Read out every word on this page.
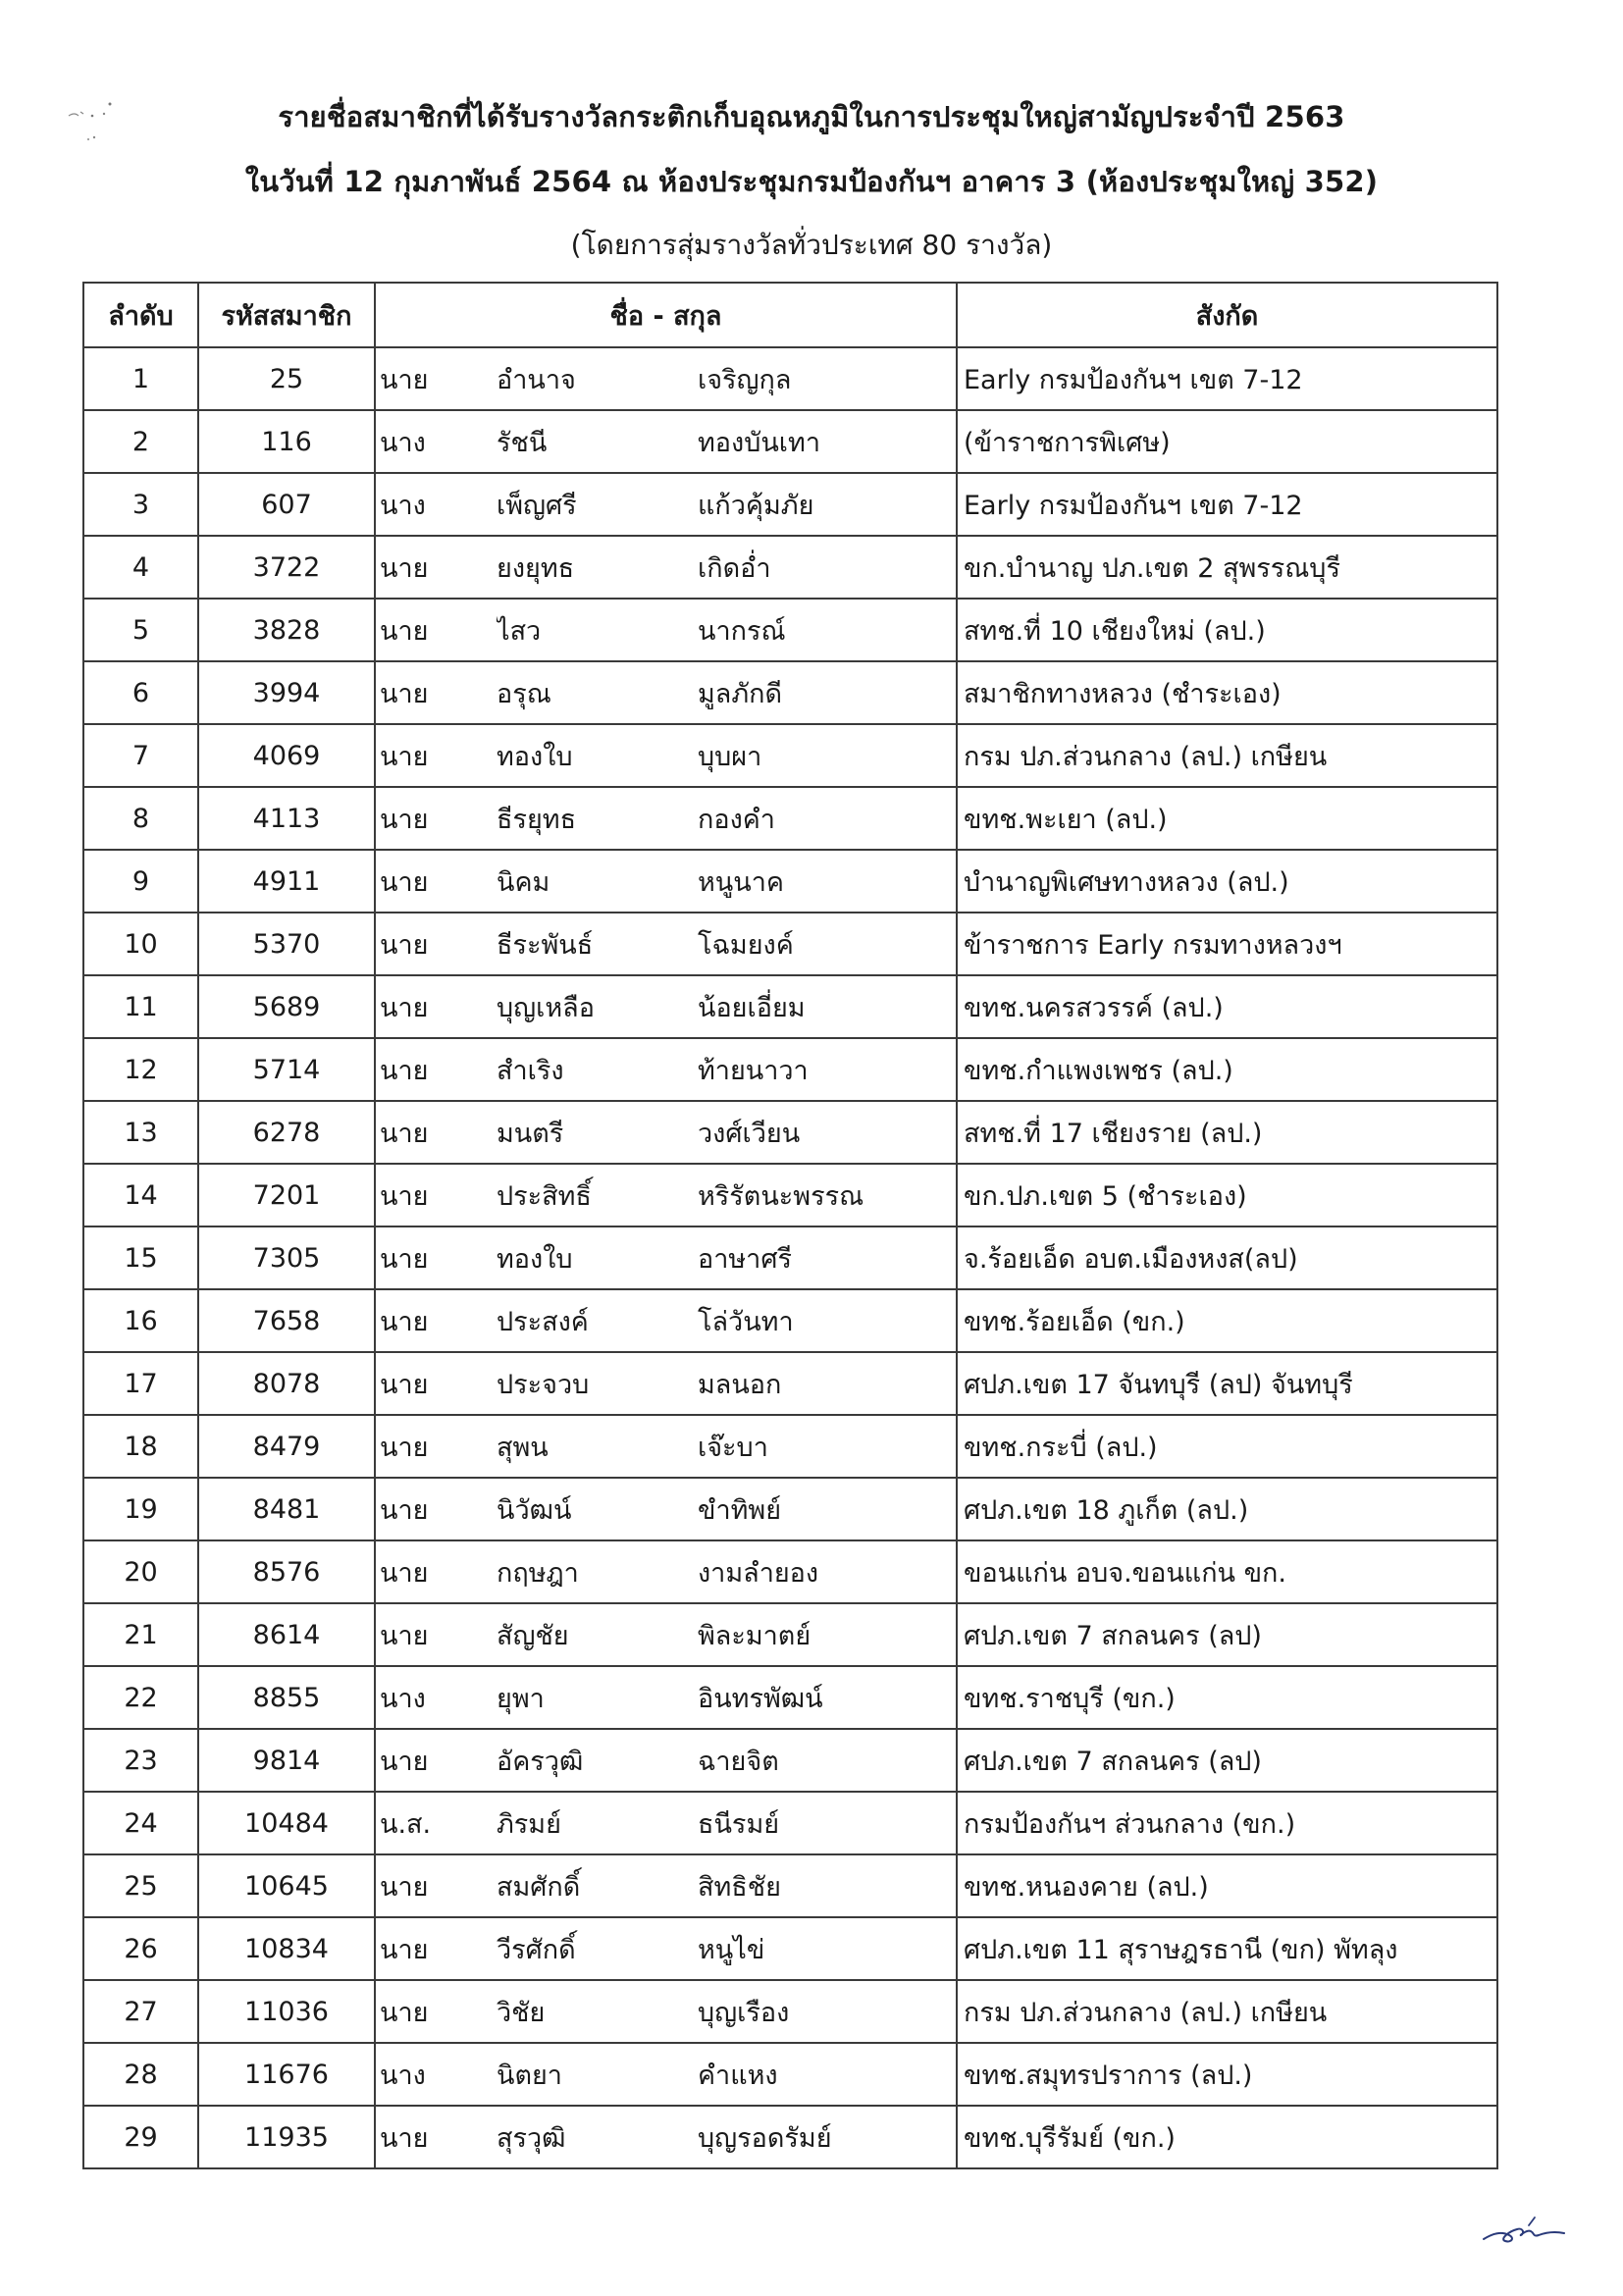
รายชื่อสมาชิกที่ได้รับรางวัลกระติกเก็บอุณหภูมิในการประชุมใหญ่สามัญประจำปี 2563
ในวันที่ 12 กุมภาพันธ์ 2564 ณ ห้องประชุมกรมป้องกันฯ อาคาร 3 (ห้องประชุมใหญ่ 352)
(โดยการสุ่มรางวัลทั่วประเทศ 80 รางวัล)
ลำดับ	รหัสสมาชิก	ชื่อ - สกุล			สังกัด
1	25	นาย	อำนาจ	เจริญกุล	Early กรมป้องกันฯ เขต 7-12
2	116	นาง	รัชนี	ทองบันเทา	(ข้าราชการพิเศษ)
3	607	นาง	เพ็ญศรี	แก้วคุ้มภัย	Early กรมป้องกันฯ เขต 7-12
4	3722	นาย	ยงยุทธ	เกิดอ่ำ	ขก.บำนาญ ปภ.เขต 2 สุพรรณบุรี
5	3828	นาย	ไสว	นากรณ์	สทช.ที่ 10 เชียงใหม่ (ลป.)
6	3994	นาย	อรุณ	มูลภักดี	สมาชิกทางหลวง (ชำระเอง)
7	4069	นาย	ทองใบ	บุบผา	กรม ปภ.ส่วนกลาง (ลป.) เกษียน
8	4113	นาย	ธีรยุทธ	กองคำ	ขทช.พะเยา (ลป.)
9	4911	นาย	นิคม	หนูนาค	บำนาญพิเศษทางหลวง (ลป.)
10	5370	นาย	ธีระพันธ์	โฉมยงค์	ข้าราชการ Early กรมทางหลวงฯ
11	5689	นาย	บุญเหลือ	น้อยเอี่ยม	ขทช.นครสวรรค์ (ลป.)
12	5714	นาย	สำเริง	ท้ายนาวา	ขทช.กำแพงเพชร (ลป.)
13	6278	นาย	มนตรี	วงศ์เวียน	สทช.ที่ 17 เชียงราย (ลป.)
14	7201	นาย	ประสิทธิ์	หริรัตนะพรรณ	ขก.ปภ.เขต 5 (ชำระเอง)
15	7305	นาย	ทองใบ	อาษาศรี	จ.ร้อยเอ็ด อบต.เมืองหงส(ลป)
16	7658	นาย	ประสงค์	โล่วันทา	ขทช.ร้อยเอ็ด (ขก.)
17	8078	นาย	ประจวบ	มลนอก	ศปภ.เขต 17 จันทบุรี (ลป) จันทบุรี
18	8479	นาย	สุพน	เจ๊ะบา	ขทช.กระบี่ (ลป.)
19	8481	นาย	นิวัฒน์	ขำทิพย์	ศปภ.เขต 18 ภูเก็ต (ลป.)
20	8576	นาย	กฤษฎา	งามลำยอง	ขอนแก่น อบจ.ขอนแก่น ขก.
21	8614	นาย	สัญชัย	พิละมาตย์	ศปภ.เขต 7 สกลนคร (ลป)
22	8855	นาง	ยุพา	อินทรพัฒน์	ขทช.ราชบุรี (ขก.)
23	9814	นาย	อัครวุฒิ	ฉายจิต	ศปภ.เขต 7 สกลนคร (ลป)
24	10484	น.ส.	ภิรมย์	ธนีรมย์	กรมป้องกันฯ ส่วนกลาง (ขก.)
25	10645	นาย	สมศักดิ์	สิทธิชัย	ขทช.หนองคาย (ลป.)
26	10834	นาย	วีรศักดิ์	หนูไข่	ศปภ.เขต 11 สุราษฎรธานี (ขก) พัทลุง
27	11036	นาย	วิชัย	บุญเรือง	กรม ปภ.ส่วนกลาง (ลป.) เกษียน
28	11676	นาง	นิตยา	คำแหง	ขทช.สมุทรปราการ (ลป.)
29	11935	นาย	สุรวุฒิ	บุญรอดรัมย์	ขทช.บุรีรัมย์ (ขก.)
